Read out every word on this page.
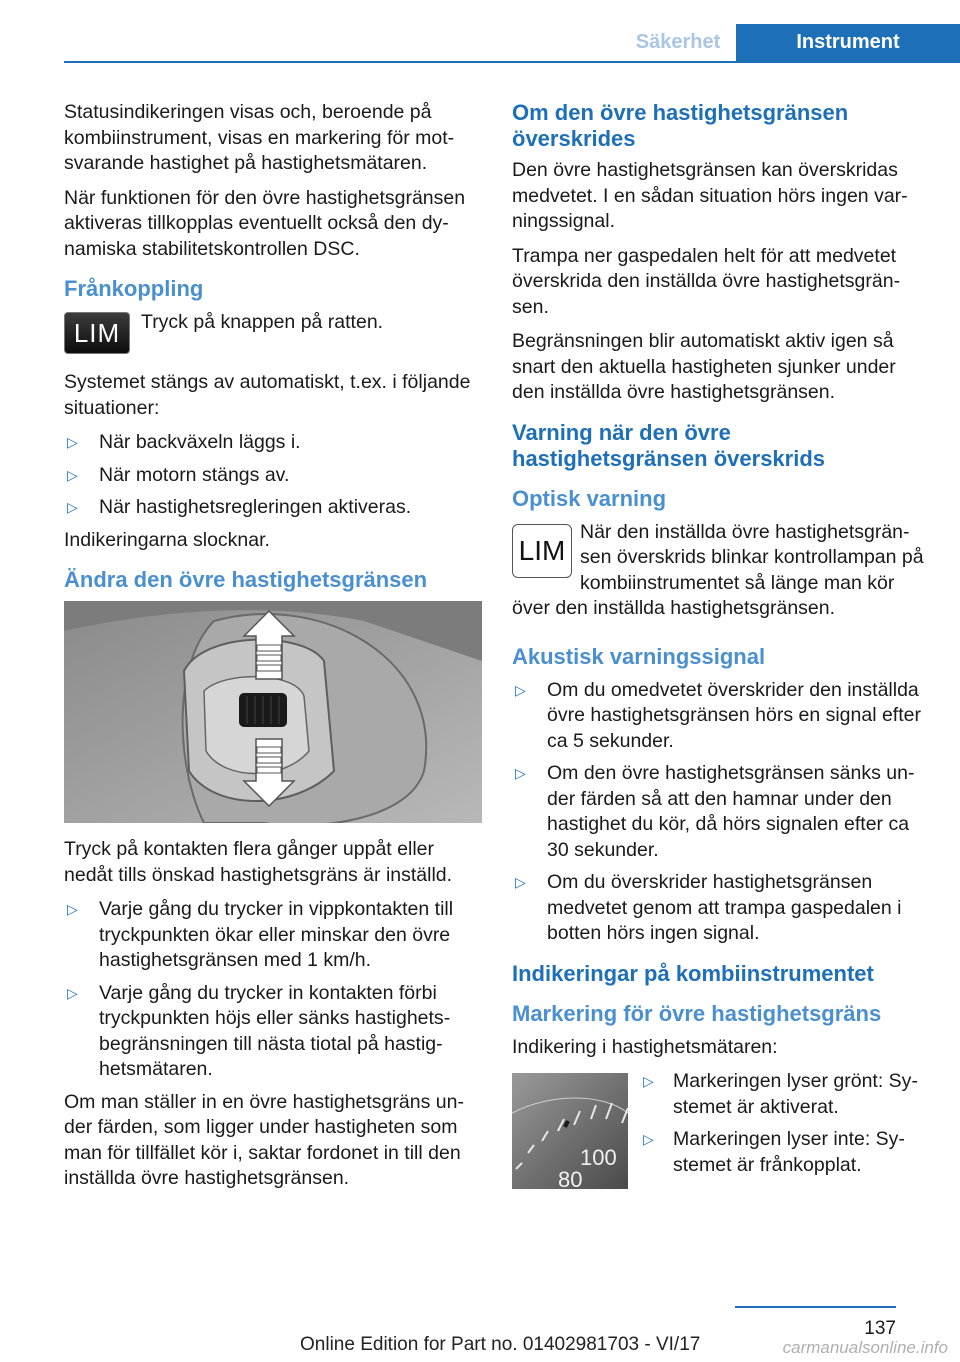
Säkerhet	Instrument

Statusindikeringen visas och, beroende på kombiinstrument, visas en markering för motsvarande hastighet på hastighetsmätaren.

När funktionen för den övre hastighetsgränsen aktiveras tillkopplas eventuellt också den dynamiska stabilitetskontrollen DSC.

Frånkoppling
LIM	Tryck på knappen på ratten.

Systemet stängs av automatiskt, t.ex. i följande situationer:

▷ När backväxeln läggs i.
▷ När motorn stängs av.
▷ När hastighetsregleringen aktiveras.

Indikeringarna slocknar.

Ändra den övre hastighetsgränsen

Tryck på kontakten flera gånger uppåt eller nedåt tills önskad hastighetsgräns är inställd.

▷ Varje gång du trycker in vippkontakten till tryckpunkten ökar eller minskar den övre hastighetsgränsen med 1 km/h.
▷ Varje gång du trycker in kontakten förbi tryckpunkten höjs eller sänks hastighetsbegränsningen till nästa tiotal på hastighetsmätaren.

Om man ställer in en övre hastighetsgräns under färden, som ligger under hastigheten som man för tillfället kör i, saktar fordonet in till den inställda övre hastighetsgränsen.

Om den övre hastighetsgränsen överskrides

Den övre hastighetsgränsen kan överskridas medvetet. I en sådan situation hörs ingen varningssignal.

Trampa ner gaspedalen helt för att medvetet överskrida den inställda övre hastighetsgränsen.

Begränsningen blir automatiskt aktiv igen så snart den aktuella hastigheten sjunker under den inställda övre hastighetsgränsen.

Varning när den övre hastighetsgränsen överskrids
Optisk varning
LIM
När den inställda övre hastighetsgränsen överskrids blinkar kontrollampan på kombiinstrumentet så länge man kör över den inställda hastighetsgränsen.
Akustisk varningssignal
▷ Om du omedvetet överskrider den inställda övre hastighetsgränsen hörs en signal efter ca 5 sekunder.
▷ Om den övre hastighetsgränsen sänks under färden så att den hamnar under den hastighet du kör, då hörs signalen efter ca 30 sekunder.
▷ Om du överskrider hastighetsgränsen medvetet genom att trampa gaspedalen i botten hörs ingen signal.
Indikeringar på kombiinstrumentet
Markering för övre hastighetsgräns

Indikering i hastighetsmätaren:

100
80
▷ Markeringen lyser grönt: Systemet är aktiverat.
▷ Markeringen lyser inte: Systemet är frånkopplat.
137
Online Edition for Part no. 01402981703 - VI/17	carmanualsonline.info
